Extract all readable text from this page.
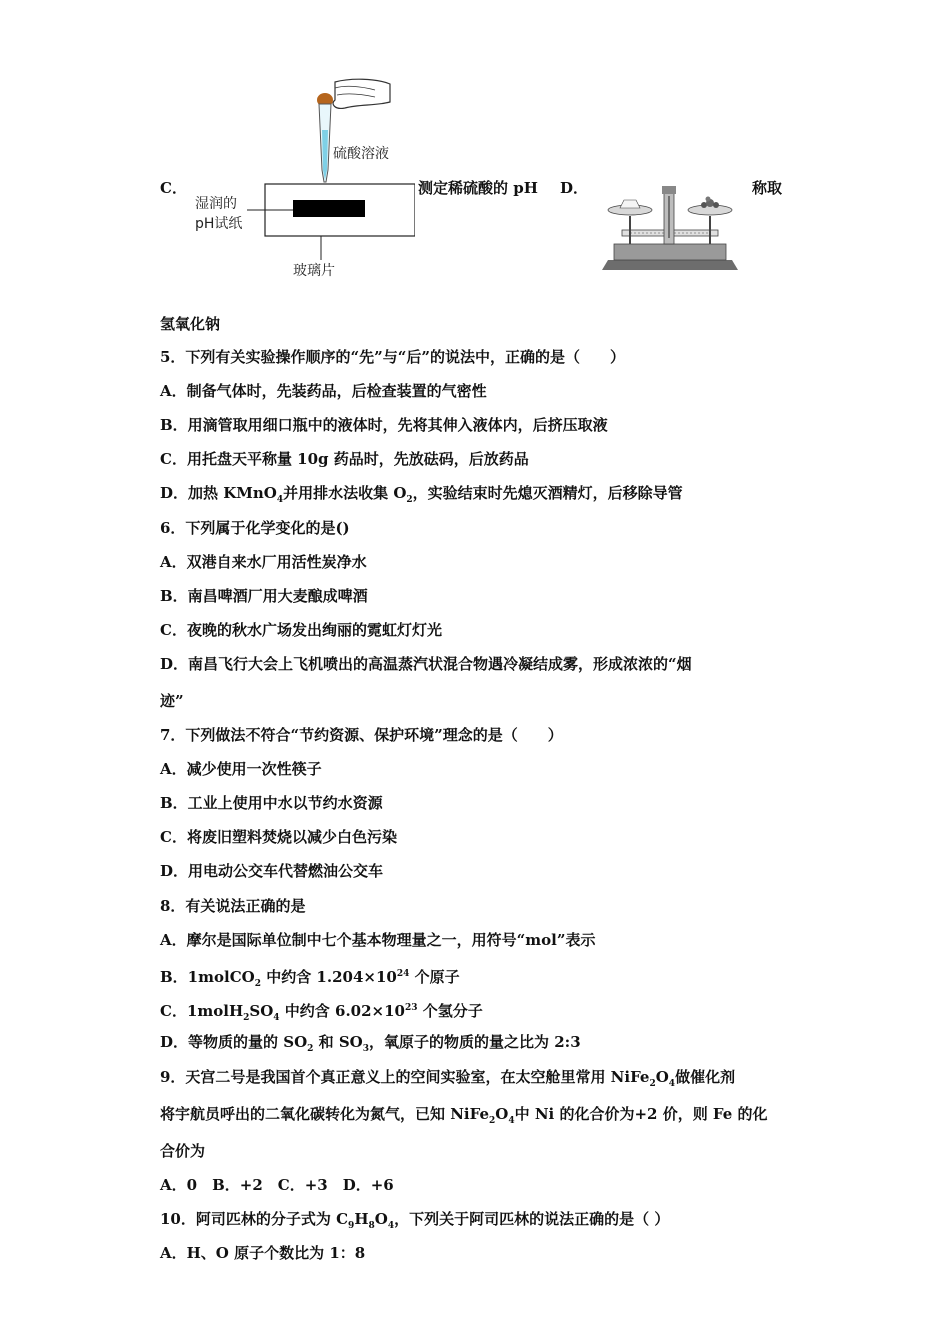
C．
硫酸溶液
湿润的
pH试纸
玻璃片
测定稀硫酸的 pH D．	称取
氢氧化钠
5．下列有关实验操作顺序的“先”与“后”的说法中，正确的是（　　）
A．制备气体时，先装药品，后检查装置的气密性
B．用滴管取用细口瓶中的液体时，先将其伸入液体内，后挤压取液
C．用托盘天平称量 10g 药品时，先放砝码，后放药品
D．加热 KMnO$_4$并用排水法收集 $O_2$，实验结束时先熄灭酒精灯，后移除导管
6．下列属于化学变化的是()
A．双港自来水厂用活性炭净水
B．南昌啤酒厂用大麦酿成啤酒
C．夜晚的秋水广场发出绚丽的霓虹灯灯光
D．南昌飞行大会上飞机喷出的高温蒸汽状混合物遇冷凝结成雾，形成浓浓的“烟
迹”
7．下列做法不符合“节约资源、保护环境”理念的是（　　）
A．减少使用一次性筷子
B．工业上使用中水以节约水资源
C．将废旧塑料焚烧以减少白色污染
D．用电动公交车代替燃油公交车
8．有关说法正确的是
A．摩尔是国际单位制中七个基本物理量之一，用符号“mol”表示
B．1molCO$_2$ 中约含 $1.204\times 10^{24}$ 个原子
C．$1molH_2SO_4$ 中约含 $6.02\times 10^{23}$ 个氢分子
D．等物质的量的 $SO_2$ 和 $SO_3$，氧原子的物质的量之比为 2:3
9．天宫二号是我国首个真正意义上的空间实验室，在太空舱里常用 $NiFe_2O_4$做催化剂
将宇航员呼出的二氧化碳转化为氮气，已知 $NiFe_2O_4$中 Ni 的化合价为+2 价，则 Fe 的化
合价为
A．0　B．+2　C．+3　D．+6
10．阿司匹林的分子式为 $C_9H_8O_4$，下列关于阿司匹林的说法正确的是（ ）
A．H、O 原子个数比为 1：8
